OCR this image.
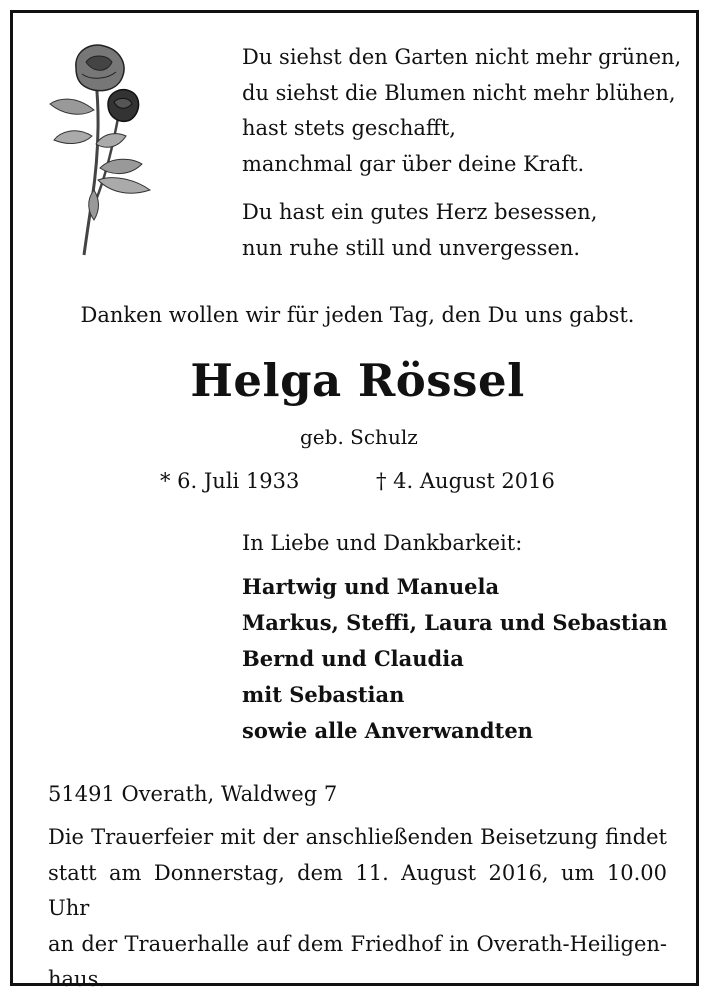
Du siehst den Garten nicht mehr grünen,
du siehst die Blumen nicht mehr blühen,
hast stets geschafft,
manchmal gar über deine Kraft.
Du hast ein gutes Herz besessen,
nun ruhe still und unvergessen.
Danken wollen wir für jeden Tag, den Du uns gabst.
Helga Rössel
geb. Schulz
* 6. Juli 1933	† 4. August 2016
In Liebe und Dankbarkeit:
Hartwig und Manuela
Markus, Steffi, Laura und Sebastian
Bernd und Claudia
mit Sebastian
sowie alle Anverwandten
51491 Overath, Waldweg 7
Die Trauerfeier mit der anschließenden Beisetzung findet
statt am Donnerstag, dem 11. August 2016, um 10.00 Uhr
an der Trauerhalle auf dem Friedhof in Overath-Heiligen-
haus.
